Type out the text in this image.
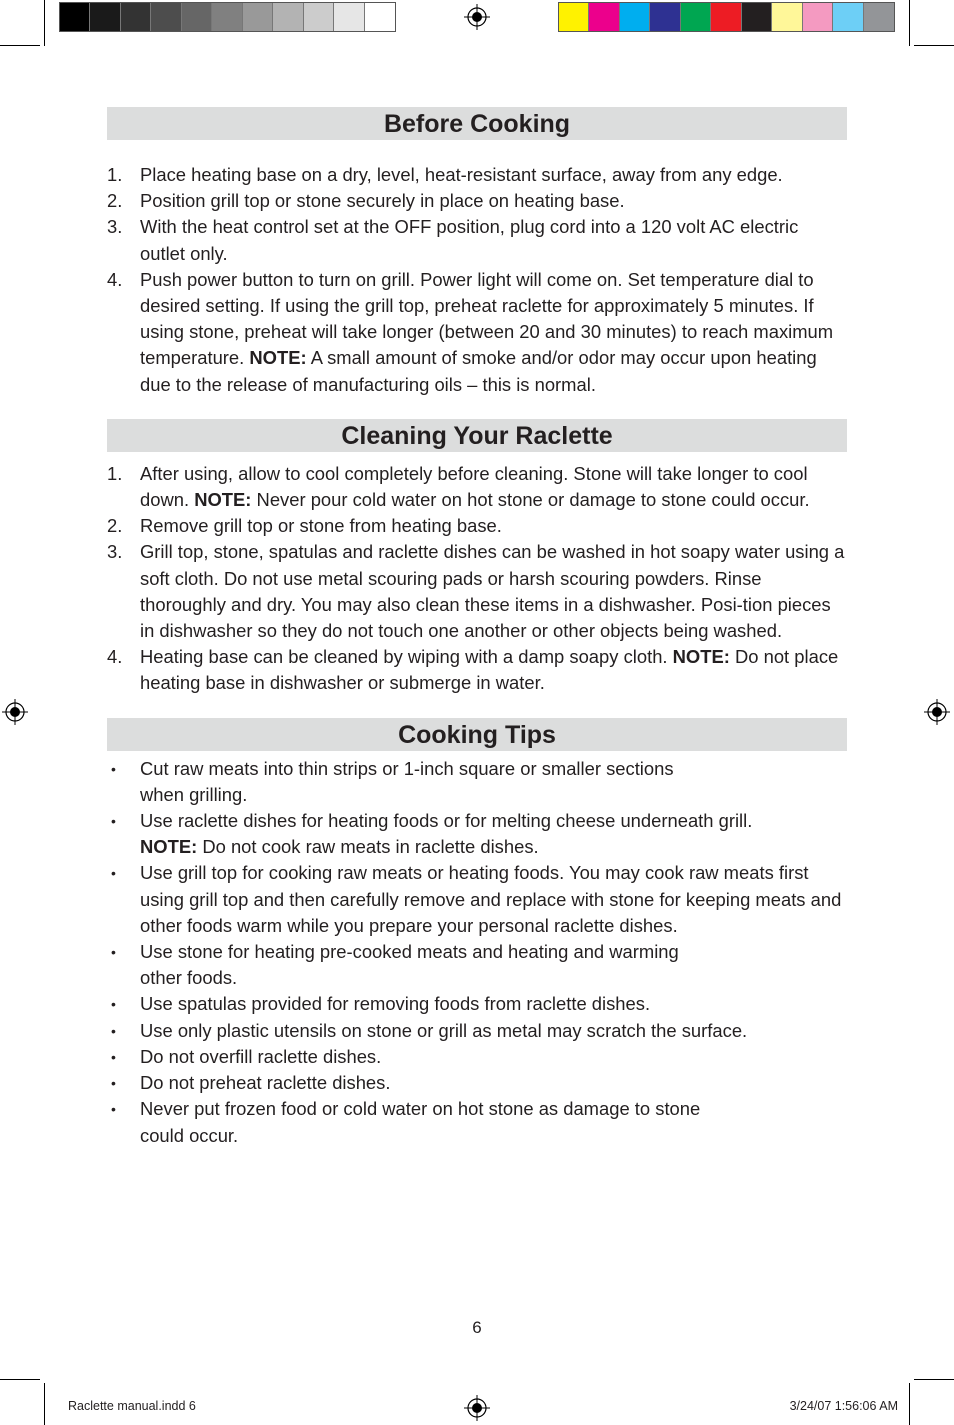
Before Cooking
1. Place heating base on a dry, level, heat-resistant surface, away from any edge.
2. Position grill top or stone securely in place on heating base.
3. With the heat control set at the OFF position, plug cord into a 120 volt AC electric outlet only.
4. Push power button to turn on grill. Power light will come on. Set temperature dial to desired setting. If using the grill top, preheat raclette for approximately 5 minutes. If using stone, preheat will take longer (between 20 and 30 minutes) to reach maximum temperature. NOTE: A small amount of smoke and/or odor may occur upon heating due to the release of manufacturing oils – this is normal.
Cleaning Your Raclette
1. After using, allow to cool completely before cleaning. Stone will take longer to cool down. NOTE: Never pour cold water on hot stone or damage to stone could occur.
2. Remove grill top or stone from heating base.
3. Grill top, stone, spatulas and raclette dishes can be washed in hot soapy water using a soft cloth. Do not use metal scouring pads or harsh scouring powders. Rinse thoroughly and dry. You may also clean these items in a dishwasher. Posi-tion pieces in dishwasher so they do not touch one another or other objects being washed.
4. Heating base can be cleaned by wiping with a damp soapy cloth. NOTE: Do not place heating base in dishwasher or submerge in water.
Cooking Tips
• Cut raw meats into thin strips or 1-inch square or smaller sections
when grilling.
• Use raclette dishes for heating foods or for melting cheese underneath grill.
NOTE: Do not cook raw meats in raclette dishes.
• Use grill top for cooking raw meats or heating foods. You may cook raw meats first using grill top and then carefully remove and replace with stone for keeping meats and other foods warm while you prepare your personal raclette dishes.
• Use stone for heating pre-cooked meats and heating and warming
other foods.
• Use spatulas provided for removing foods from raclette dishes.
• Use only plastic utensils on stone or grill as metal may scratch the surface.
• Do not overfill raclette dishes.
• Do not preheat raclette dishes.
• Never put frozen food or cold water on hot stone as damage to stone
could occur.
6
Raclette manual.indd 6	3/24/07 1:56:06 AM
